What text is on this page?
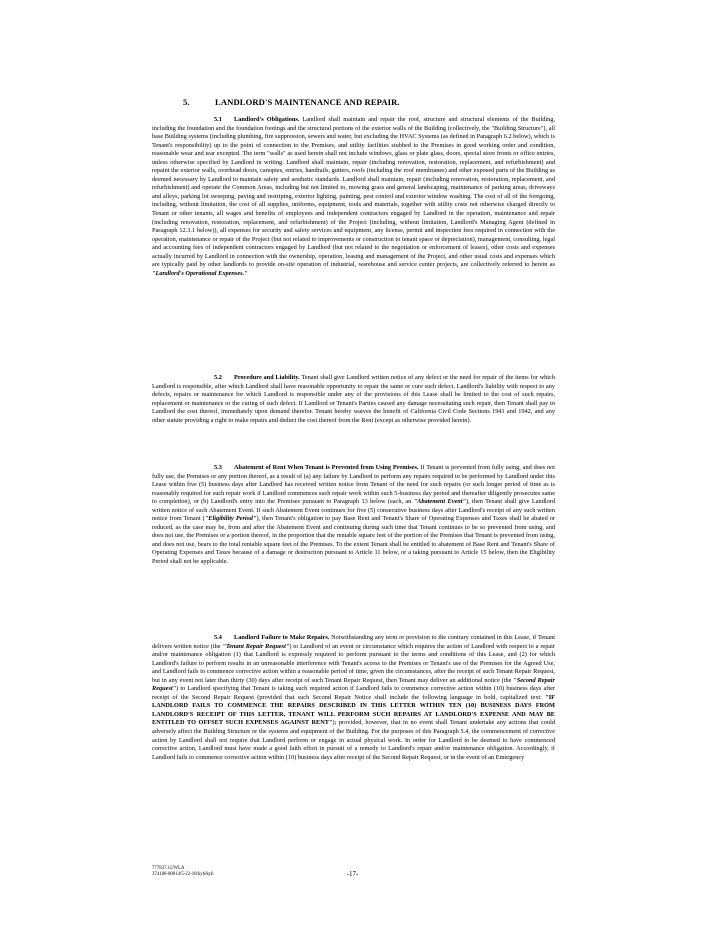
5.	LANDLORD'S MAINTENANCE AND REPAIR.

5.1 Landlord's Obligations. Landlord shall maintain and repair the roof, structure and structural elements of the Building, including the foundation and the foundation footings and the structural portions of the exterior walls of the Building (collectively, the "Building Structure"), all base Building systems (including plumbing, fire suppression, sewers and water, but excluding the HVAC Systems (as defined in Paragraph 6.2 below), which is Tenant's responsibility) up to the point of connection to the Premises, and utility facilities stubbed to the Premises in good working order and condition, reasonable wear and tear excepted. The term "walls" as used herein shall not include windows, glass or plate glass, doors, special store fronts or office entries, unless otherwise specified by Landlord in writing. Landlord shall maintain, repair (including renovation, restoration, replacement, and refurbishment) and repaint the exterior walls, overhead doors, canopies, entries, handrails, gutters, roofs (including the roof membranes) and other exposed parts of the Building as deemed necessary by Landlord to maintain safety and aesthetic standards. Landlord shall maintain, repair (including renovation, restoration, replacement, and refurbishment) and operate the Common Areas, including but not limited to, mowing grass and general landscaping, maintenance of parking areas, driveways and alleys, parking lot sweeping, paving and restriping, exterior lighting, painting, pest control and exterior window washing. The cost of all of the foregoing, including, without limitation, the cost of all supplies, uniforms, equipment, tools and materials, together with utility costs not otherwise charged directly to Tenant or other tenants, all wages and benefits of employees and independent contractors engaged by Landlord in the operation, maintenance and repair (including renovation, restoration, replacement, and refurbishment) of the Project (including, without limitation, Landlord's Managing Agent (defined in Paragraph 12.3.1 below)), all expenses for security and safety services and equipment, any license, permit and inspection fees required in connection with the operation, maintenance or repair of the Project (but not related to improvements or construction to tenant space or depreciation), management, consulting, legal and accounting fees of independent contractors engaged by Landlord (but not related to the negotiation or enforcement of leases), other costs and expenses actually incurred by Landlord in connection with the ownership, operation, leasing and management of the Project, and other usual costs and expenses which are typically paid by other landlords to provide on-site operation of industrial, warehouse and service center projects, are collectively referred to herein as "Landlord's Operational Expenses."

5.2 Procedure and Liability. Tenant shall give Landlord written notice of any defect or the need for repair of the items for which Landlord is responsible, after which Landlord shall have reasonable opportunity to repair the same or cure such defect. Landlord's liability with respect to any defects, repairs or maintenance for which Landlord is responsible under any of the provisions of this Lease shall be limited to the cost of such repairs, replacement or maintenance or the curing of such defect. If Landlord or Tenant's Parties caused any damage necessitating such repair, then Tenant shall pay to Landlord the cost thereof, immediately upon demand therefor. Tenant hereby waives the benefit of California Civil Code Sections 1941 and 1942, and any other statute providing a right to make repairs and deduct the cost thereof from the Rent (except as otherwise provided herein).

5.3 Abatement of Rent When Tenant is Prevented from Using Premises. If Tenant is prevented from fully using, and does not fully use, the Premises or any portion thereof, as a result of (a) any failure by Landlord to perform any repairs required to be performed by Landlord under this Lease within five (5) business days after Landlord has received written notice from Tenant of the need for such repairs (or such longer period of time as is reasonably required for such repair work if Landlord commences such repair work within such 5-business day period and thereafter diligently prosecutes same to completion), or (b) Landlord's entry into the Premises pursuant to Paragraph 13 below (each, an "Abatement Event"), then Tenant shall give Landlord written notice of such Abatement Event. If such Abatement Event continues for five (5) consecutive business days after Landlord's receipt of any such written notice from Tenant ("Eligibility Period"), then Tenant's obligation to pay Base Rent and Tenant's Share of Operating Expenses and Taxes shall be abated or reduced, as the case may be, from and after the Abatement Event and continuing during such time that Tenant continues to be so prevented from using, and does not use, the Premises or a portion thereof, in the proportion that the rentable square feet of the portion of the Premises that Tenant is prevented from using, and does not use, bears to the total rentable square feet of the Premises. To the extent Tenant shall be entitled to abatement of Base Rent and Tenant's Share of Operating Expenses and Taxes because of a damage or destruction pursuant to Article 11 below, or a taking pursuant to Article 15 below, then the Eligibility Period shall not be applicable.

5.4 Landlord Failure to Make Repairs. Notwithstanding any term or provision to the contrary contained in this Lease, if Tenant delivers written notice (the "Tenant Repair Request") to Landlord of an event or circumstance which requires the action of Landlord with respect to a repair and/or maintenance obligation (1) that Landlord is expressly required to perform pursuant to the terms and conditions of this Lease, and (2) for which Landlord's failure to perform results in an unreasonable interference with Tenant's access to the Premises or Tenant's use of the Premises for the Agreed Use, and Landlord fails to commence corrective action within a reasonable period of time, given the circumstances, after the receipt of such Tenant Repair Request, but in any event not later than thirty (30) days after receipt of such Tenant Repair Request, then Tenant may deliver an additional notice (the "Second Repair Request") to Landlord specifying that Tenant is taking such required action if Landlord fails to commence corrective action within (10) business days after receipt of the Second Repair Request (provided that such Second Repair Notice shall include the following language in bold, capitalized text: "IF LANDLORD FAILS TO COMMENCE THE REPAIRS DESCRIBED IN THIS LETTER WITHIN TEN (10) BUSINESS DAYS FROM LANDLORD'S RECEIPT OF THIS LETTER, TENANT WILL PERFORM SUCH REPAIRS AT LANDLORD'S EXPENSE AND MAY BE ENTITLED TO OFFSET SUCH EXPENSES AGAINST RENT"); provided, however, that in no event shall Tenant undertake any actions that could adversely affect the Building Structure or the systems and equipment of the Building. For the purposes of this Paragraph 5.4, the commencement of corrective action by Landlord shall not require that Landlord perform or engage in actual physical work. In order for Landlord to be deemed to have commenced corrective action, Landlord must have made a good faith effort in pursuit of a remedy to Landlord's repair and/or maintenance obligation. Accordingly, if Landlord fails to commence corrective action within (10) business days after receipt of the Second Repair Request, or in the event of an Emergency

777837.11/WLA
374186-00014/5-22-18/kyh/kyh	-17-
